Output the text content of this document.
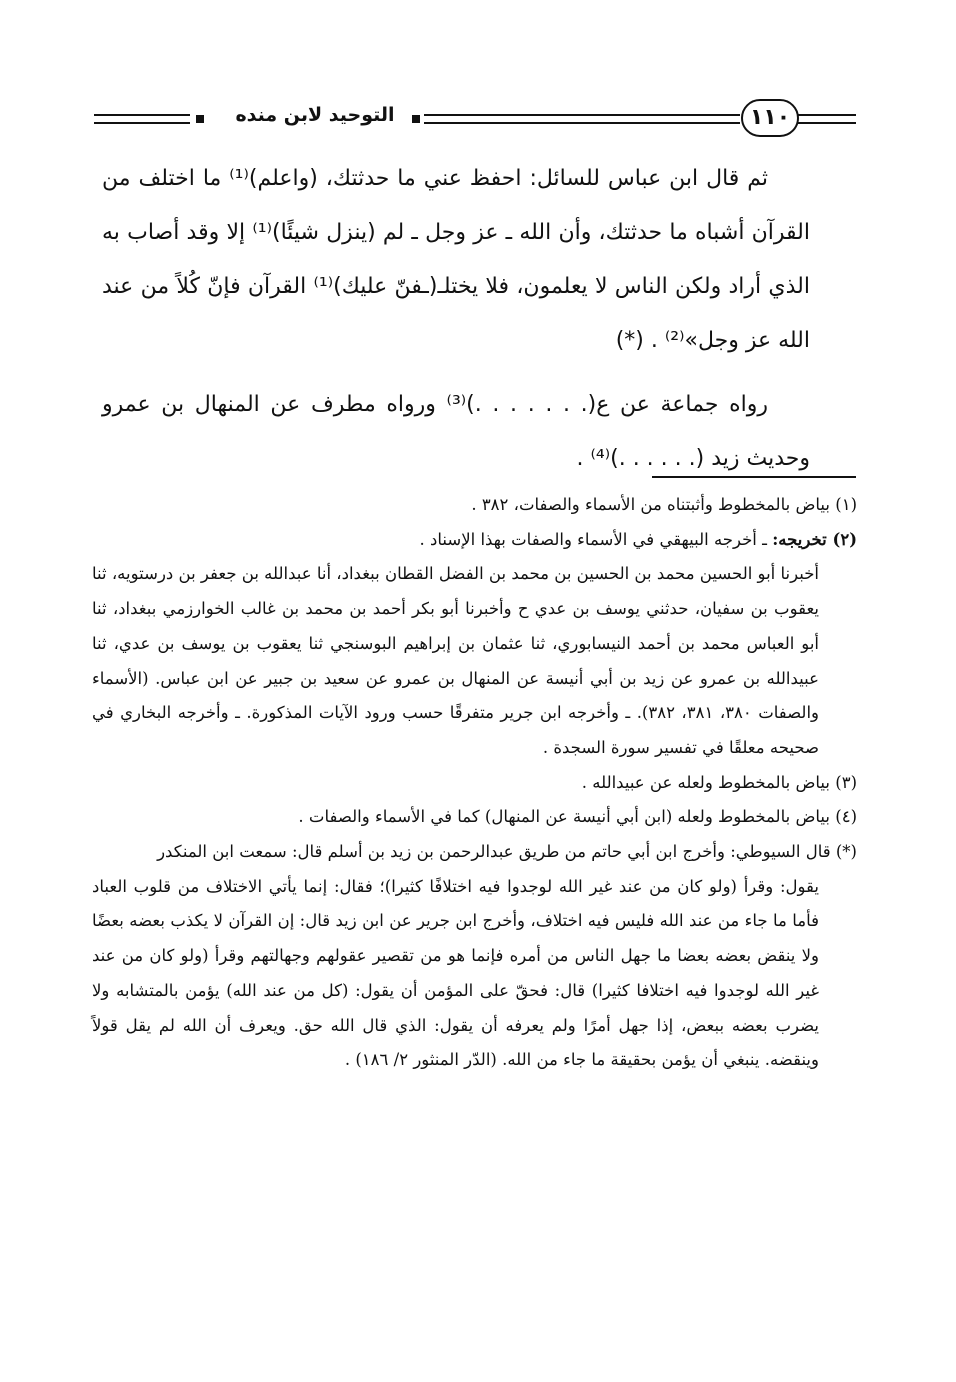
١١٠
التوحيد لابن منده

ثم قال ابن عباس للسائل: احفظ عني ما حدثتك، (واعلم)⁽¹⁾ ما اختلف من القرآن أشباه ما حدثتك، وأن الله ـ عز وجل ـ لم (ينزل شيئًا)⁽¹⁾ إلا وقد أصاب به الذي أراد ولكن الناس لا يعلمون، فلا يختلـ(ـفنّ عليك)⁽¹⁾ القرآن فإنّ كُلاً من عند الله عز وجل»⁽²⁾ . (*)

رواه جماعة عن ع(. . . . . . .)⁽³⁾ ورواه مطرف عن المنهال بن عمرو وحديث زيد (. . . . . .)⁽⁴⁾ .

(١) بياض بالمخطوط وأثبتناه من الأسماء والصفات، ٣٨٢ .

(٢) تخريجه: ـ أخرجه البيهقي في الأسماء والصفات بهذا الإسناد .

أخبرنا أبو الحسين محمد بن الحسين بن محمد بن الفضل القطان ببغداد، أنا عبدالله بن جعفر بن درستويه، ثنا يعقوب بن سفيان، حدثني يوسف بن عدي ح وأخبرنا أبو بكر أحمد بن محمد بن غالب الخوارزمي ببغداد، ثنا أبو العباس محمد بن أحمد النيسابوري، ثنا عثمان بن إبراهيم البوسنجي ثنا يعقوب بن يوسف بن عدي، ثنا عبيدالله بن عمرو عن زيد بن أبي أنيسة عن المنهال بن عمرو عن سعيد بن جبير عن ابن عباس. (الأسماء والصفات ٣٨٠، ٣٨١، ٣٨٢). ـ وأخرجه ابن جرير متفرقًا حسب ورود الآيات المذكورة. ـ وأخرجه البخاري في صحيحه معلقًا في تفسير سورة السجدة .

(٣) بياض بالمخطوط ولعله عن عبيدالله .

(٤) بياض بالمخطوط ولعله (ابن أبي أنيسة عن المنهال) كما في الأسماء والصفات .

(*) قال السيوطي: وأخرج ابن أبي حاتم من طريق عبدالرحمن بن زيد بن أسلم قال: سمعت ابن المنكدر

يقول: وقرأ (ولو كان من عند غير الله لوجدوا فيه اختلافًا كثيرا)؛ فقال: إنما يأتي الاختلاف من قلوب العباد فأما ما جاء من عند الله فليس فيه اختلاف، وأخرج ابن جرير عن ابن زيد قال: إن القرآن لا يكذب بعضه بعضًا ولا ينقض بعضه بعضا ما جهل الناس من أمره فإنما هو من تقصير عقولهم وجهالتهم وقرأ (ولو كان من عند غير الله لوجدوا فيه اختلافا كثيرا) قال: فحقّ على المؤمن أن يقول: (كل من عند الله) يؤمن بالمتشابه ولا يضرب بعضه ببعض، إذا جهل أمرًا ولم يعرفه أن يقول: الذي قال الله حق. ويعرف أن الله لم يقل قولاً وينقضه. ينبغي أن يؤمن بحقيقة ما جاء من الله. (الدّر المنثور ٢/ ١٨٦) .
